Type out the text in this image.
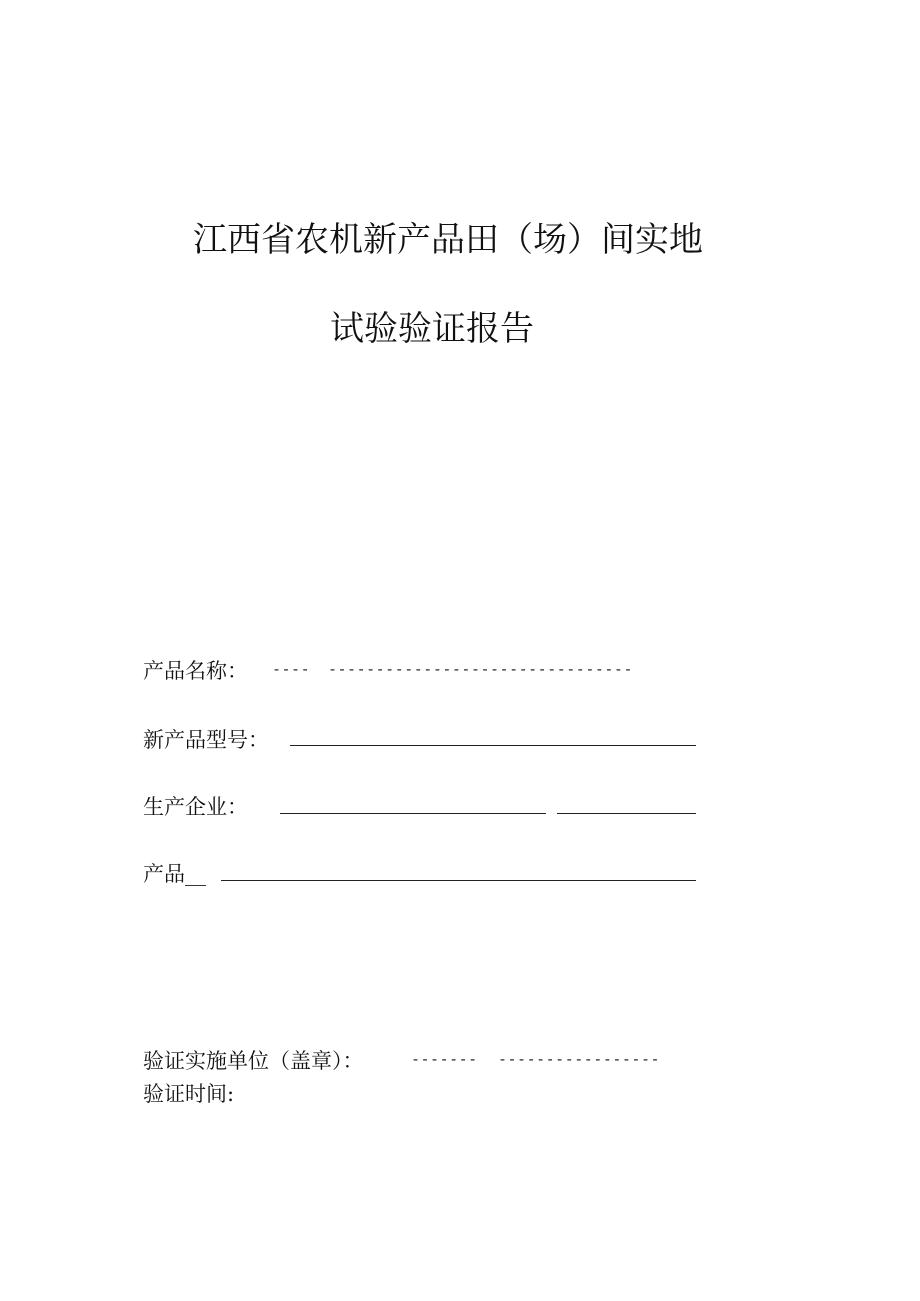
江西省农机新产品田（场）间实地
试验验证报告
产品名称： ---- --------------------------------
新产品型号：
生产企业：
产品__
验证实施单位（盖章）：	------- -----------------
验证时间:
